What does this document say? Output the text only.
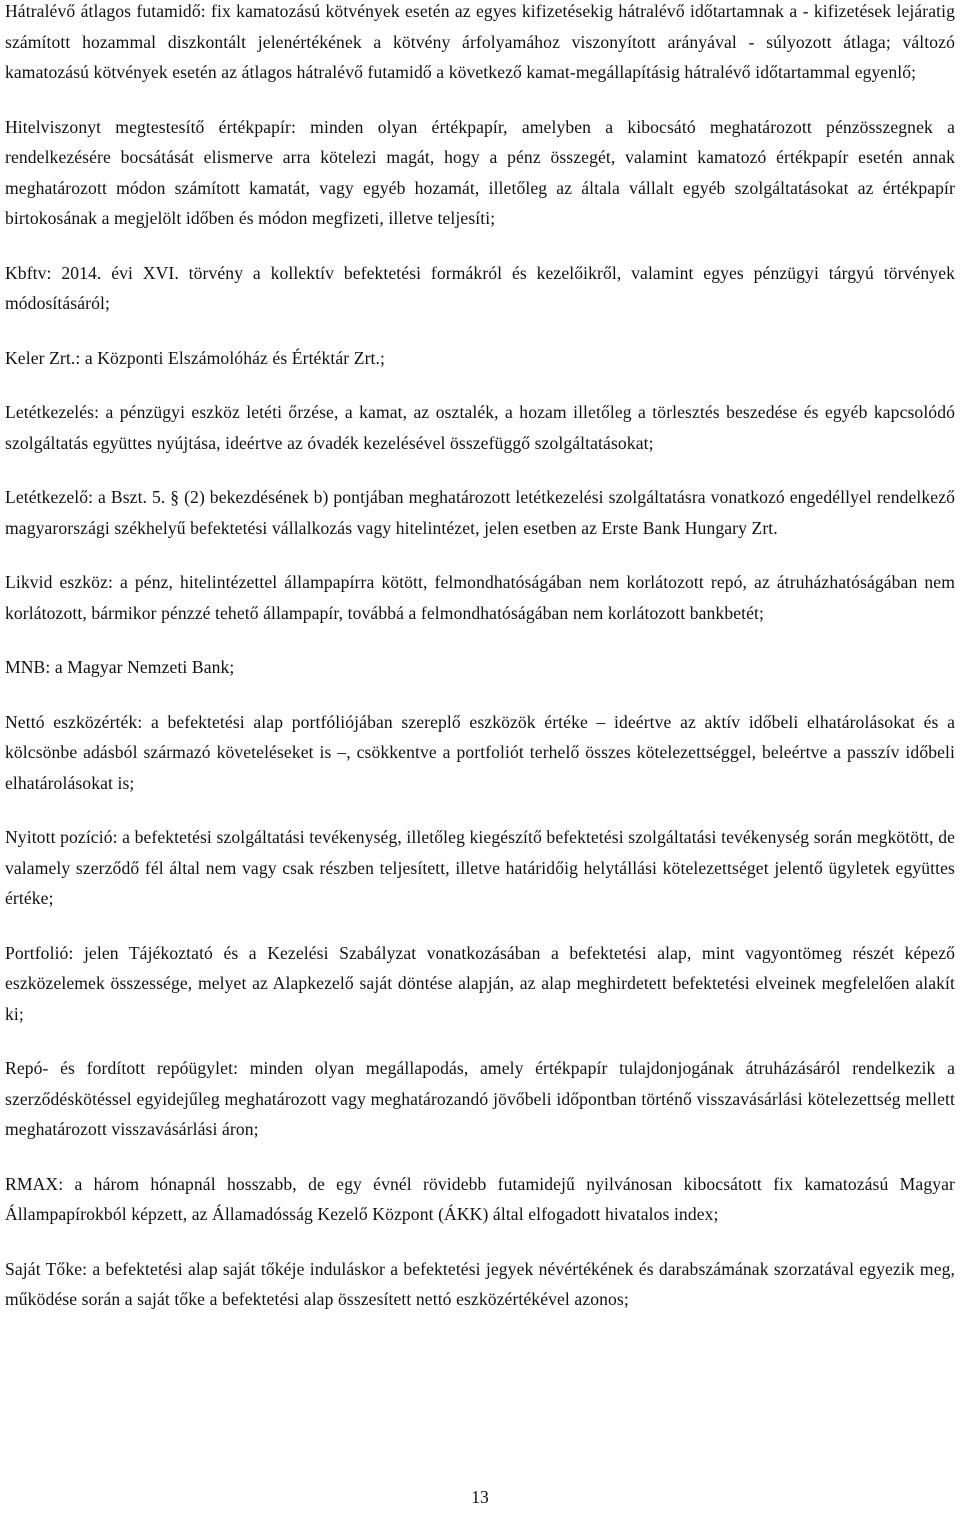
Hátralévő átlagos futamidő: fix kamatozású kötvények esetén az egyes kifizetésekig hátralévő időtartamnak a - kifizetések lejáratig számított hozammal diszkontált jelenértékének a kötvény árfolyamához viszonyított arányával - súlyozott átlaga; változó kamatozású kötvények esetén az átlagos hátralévő futamidő a következő kamat-megállapításig hátralévő időtartammal egyenlő;

Hitelviszonyt megtestesítő értékpapír: minden olyan értékpapír, amelyben a kibocsátó meghatározott pénzösszegnek a rendelkezésére bocsátását elismerve arra kötelezi magát, hogy a pénz összegét, valamint kamatozó értékpapír esetén annak meghatározott módon számított kamatát, vagy egyéb hozamát, illetőleg az általa vállalt egyéb szolgáltatásokat az értékpapír birtokosának a megjelölt időben és módon megfizeti, illetve teljesíti;

Kbftv: 2014. évi XVI. törvény a kollektív befektetési formákról és kezelőikről, valamint egyes pénzügyi tárgyú törvények módosításáról;

Keler Zrt.: a Központi Elszámolóház és Értéktár Zrt.;

Letétkezelés: a pénzügyi eszköz letéti őrzése, a kamat, az osztalék, a hozam illetőleg a törlesztés beszedése és egyéb kapcsolódó szolgáltatás együttes nyújtása, ideértve az óvadék kezelésével összefüggő szolgáltatásokat;

Letétkezelő: a Bszt. 5. § (2) bekezdésének b) pontjában meghatározott letétkezelési szolgáltatásra vonatkozó engedéllyel rendelkező magyarországi székhelyű befektetési vállalkozás vagy hitelintézet, jelen esetben az Erste Bank Hungary Zrt.

Likvid eszköz: a pénz, hitelintézettel állampapírra kötött, felmondhatóságában nem korlátozott repó, az átruházhatóságában nem korlátozott, bármikor pénzzé tehető állampapír, továbbá a felmondhatóságában nem korlátozott bankbetét;

MNB: a Magyar Nemzeti Bank;

Nettó eszközérték: a befektetési alap portfóliójában szereplő eszközök értéke – ideértve az aktív időbeli elhatárolásokat és a kölcsönbe adásból származó követeléseket is –, csökkentve a portfoliót terhelő összes kötelezettséggel, beleértve a passzív időbeli elhatárolásokat is;

Nyitott pozíció: a befektetési szolgáltatási tevékenység, illetőleg kiegészítő befektetési szolgáltatási tevékenység során megkötött, de valamely szerződő fél által nem vagy csak részben teljesített, illetve határidőig helytállási kötelezettséget jelentő ügyletek együttes értéke;

Portfolió: jelen Tájékoztató és a Kezelési Szabályzat vonatkozásában a befektetési alap, mint vagyontömeg részét képező eszközelemek összessége, melyet az Alapkezelő saját döntése alapján, az alap meghirdetett befektetési elveinek megfelelően alakít ki;

Repó- és fordított repóügylet: minden olyan megállapodás, amely értékpapír tulajdonjogának átruházásáról rendelkezik a szerződéskötéssel egyidejűleg meghatározott vagy meghatározandó jövőbeli időpontban történő visszavásárlási kötelezettség mellett meghatározott visszavásárlási áron;

RMAX: a három hónapnál hosszabb, de egy évnél rövidebb futamidejű nyilvánosan kibocsátott fix kamatozású Magyar Állampapírokból képzett, az Államadósság Kezelő Központ (ÁKK) által elfogadott hivatalos index;

Saját Tőke: a befektetési alap saját tőkéje induláskor a befektetési jegyek névértékének és darabszámának szorzatával egyezik meg, működése során a saját tőke a befektetési alap összesített nettó eszközértékével azonos;

13
